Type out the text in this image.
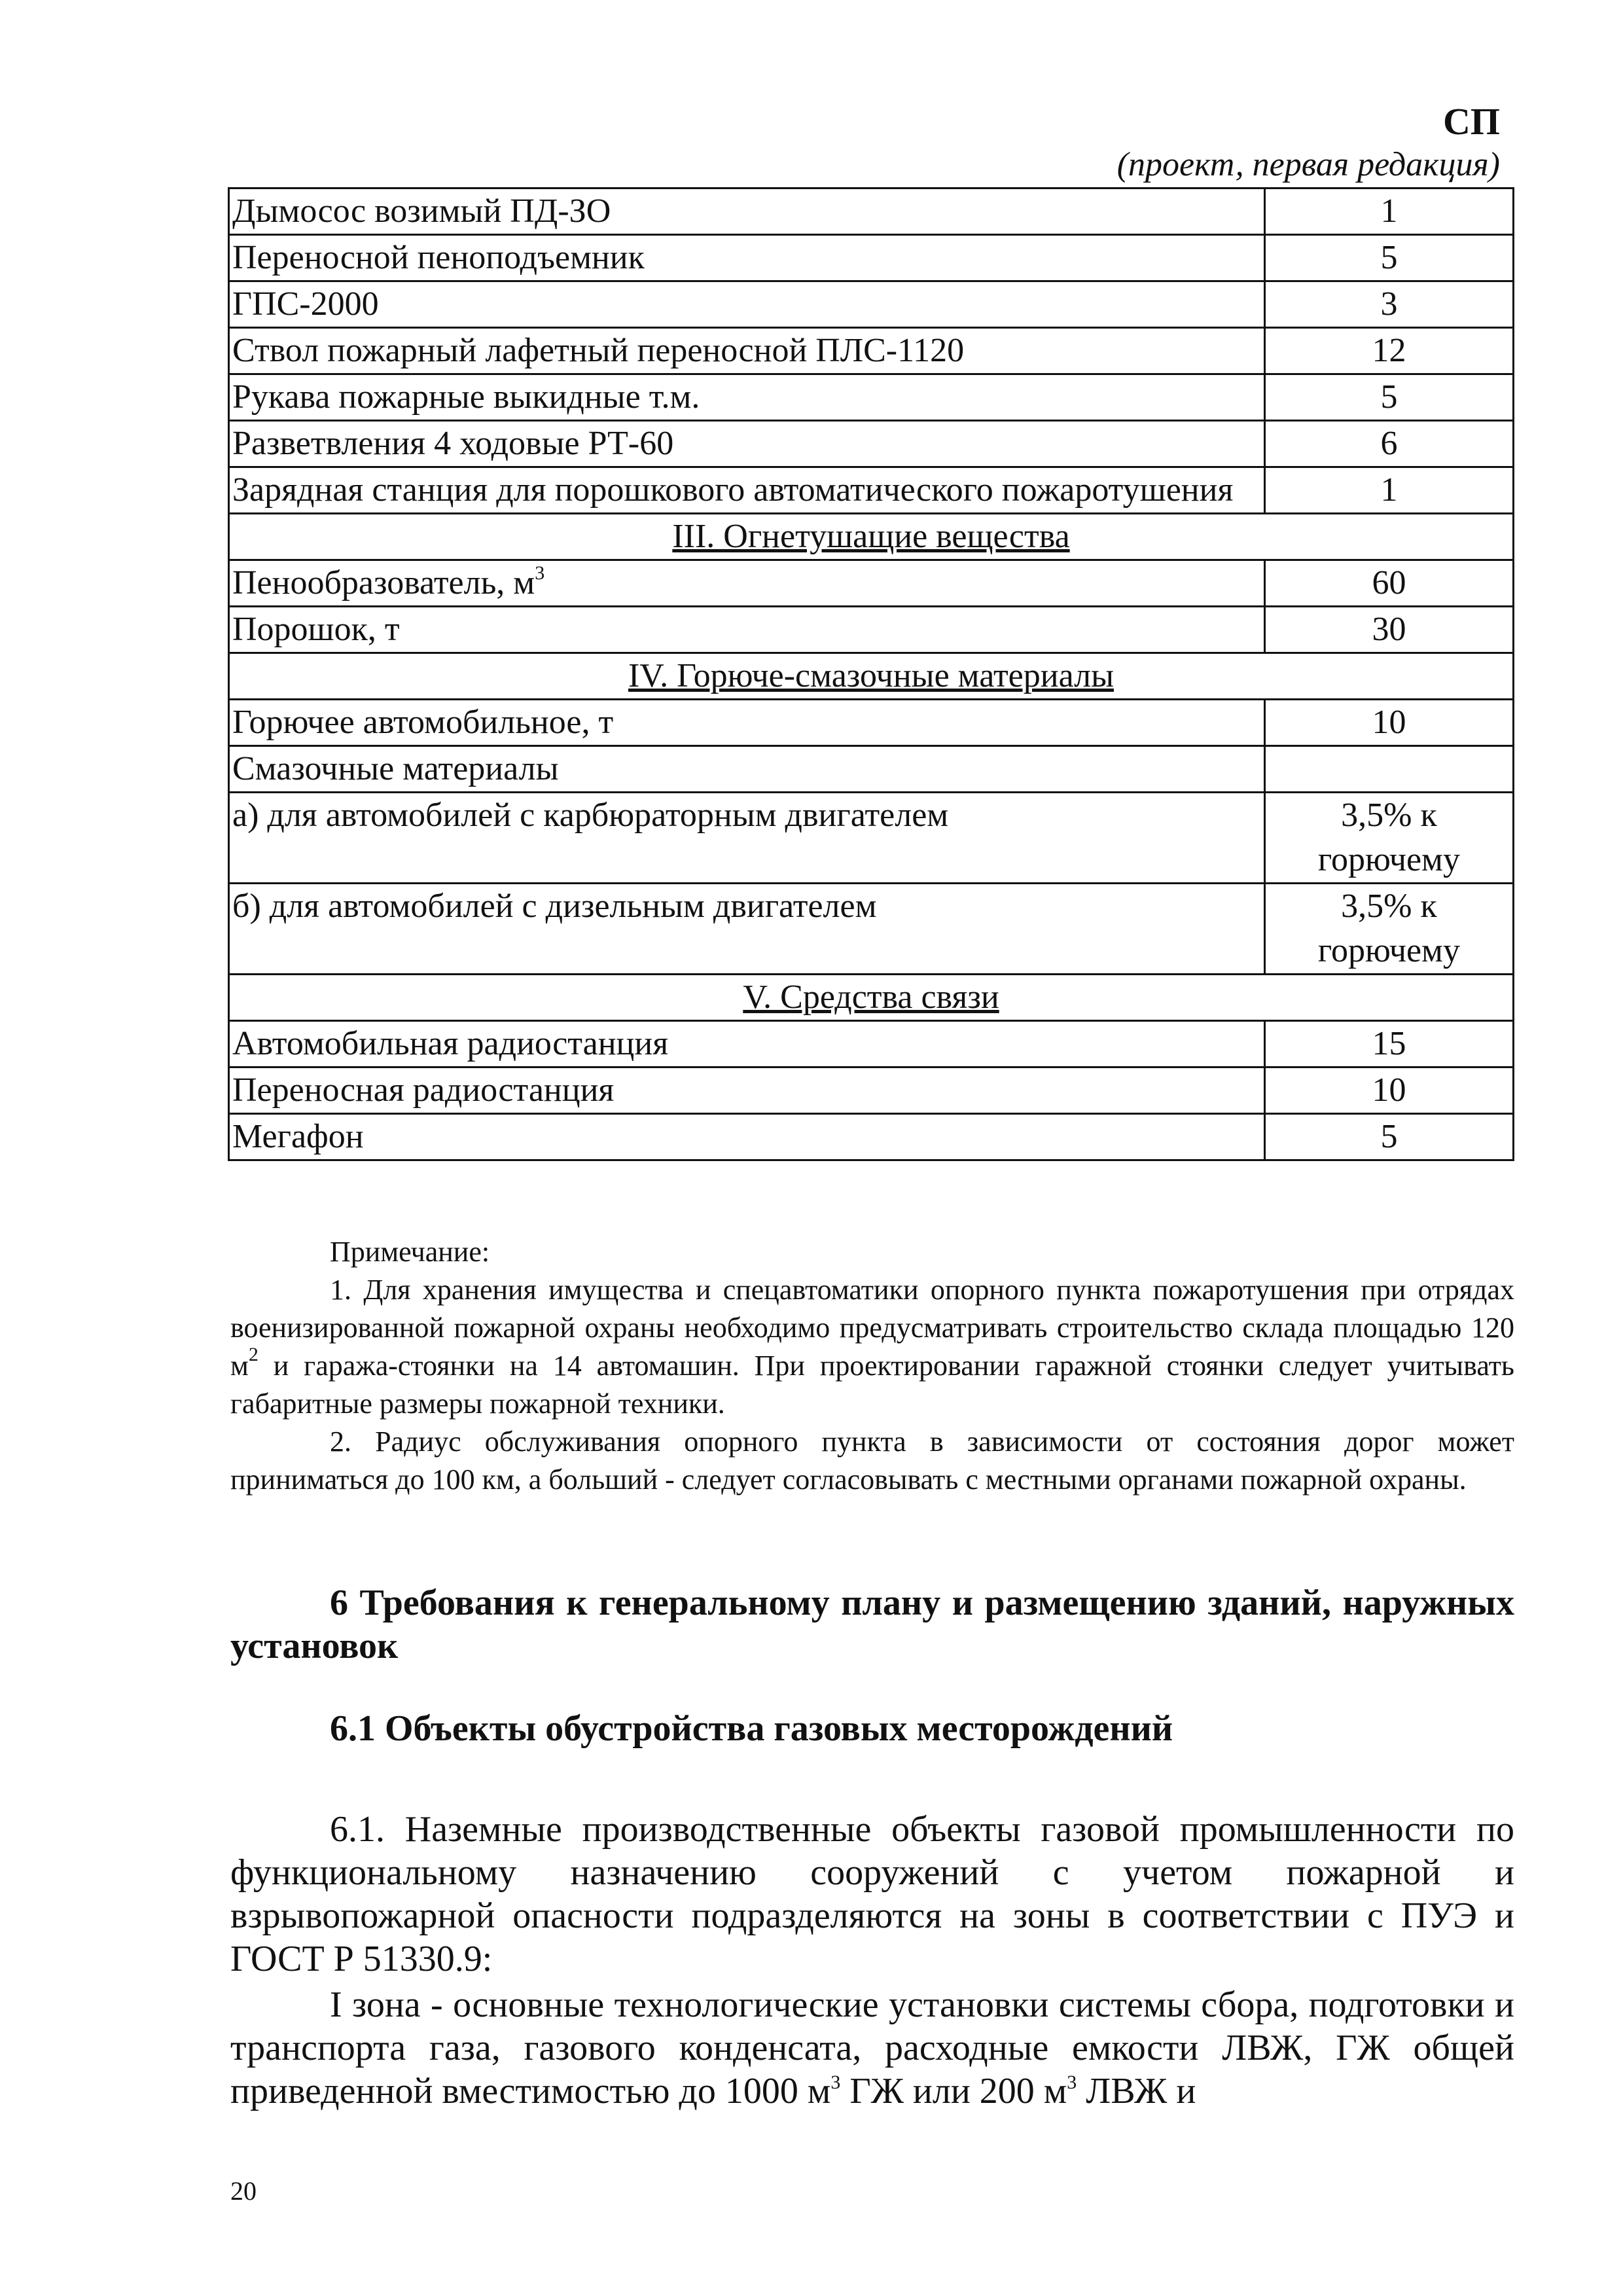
СП
(проект, первая редакция)
Дымосос возимый ПД-ЗО	1
Переносной пеноподъемник	5
ГПС-2000	3
Ствол пожарный лафетный переносной ПЛС-1120	12
Рукава пожарные выкидные т.м.	5
Разветвления 4 ходовые РТ-60	6
Зарядная станция для порошкового автоматического пожаротушения	1
III. Огнетушащие вещества	
Пенообразователь, $м^3$	60
Порошок, т	30
IV. Горюче-смазочные материалы	
Горючее автомобильное, т	10
Смазочные материалы	
а) для автомобилей с карбюраторным двигателем	3,5% к горючему
б) для автомобилей с дизельным двигателем	3,5% к горючему
V. Средства связи	
Автомобильная радиостанция	15
Переносная радиостанция	10
Мегафон	5
Примечание:

1. Для хранения имущества и спецавтоматики опорного пункта пожаротушения при отрядах военизированной пожарной охраны необходимо предусматривать строительство склада площадью 120 $м^2$ и гаража-стоянки на 14 автомашин. При проектировании гаражной стоянки следует учитывать габаритные размеры пожарной техники.

2. Радиус обслуживания опорного пункта в зависимости от состояния дорог может приниматься до 100 км, а больший - следует согласовывать с местными органами пожарной охраны.

6 Требования к генеральному плану и размещению зданий, наружных установок
6.1 Объекты обустройства газовых месторождений

6.1. Наземные производственные объекты газовой промышленности по функциональному назначению сооружений с учетом пожарной и взрывопожарной опасности подразделяются на зоны в соответствии с ПУЭ и ГОСТ Р 51330.9:

I зона - основные технологические установки системы сбора, подготовки и транспорта газа, газового конденсата, расходные емкости ЛВЖ, ГЖ общей приведенной вместимостью до 1000 $м^3$ ГЖ или 200 $м^3$ ЛВЖ и

20
